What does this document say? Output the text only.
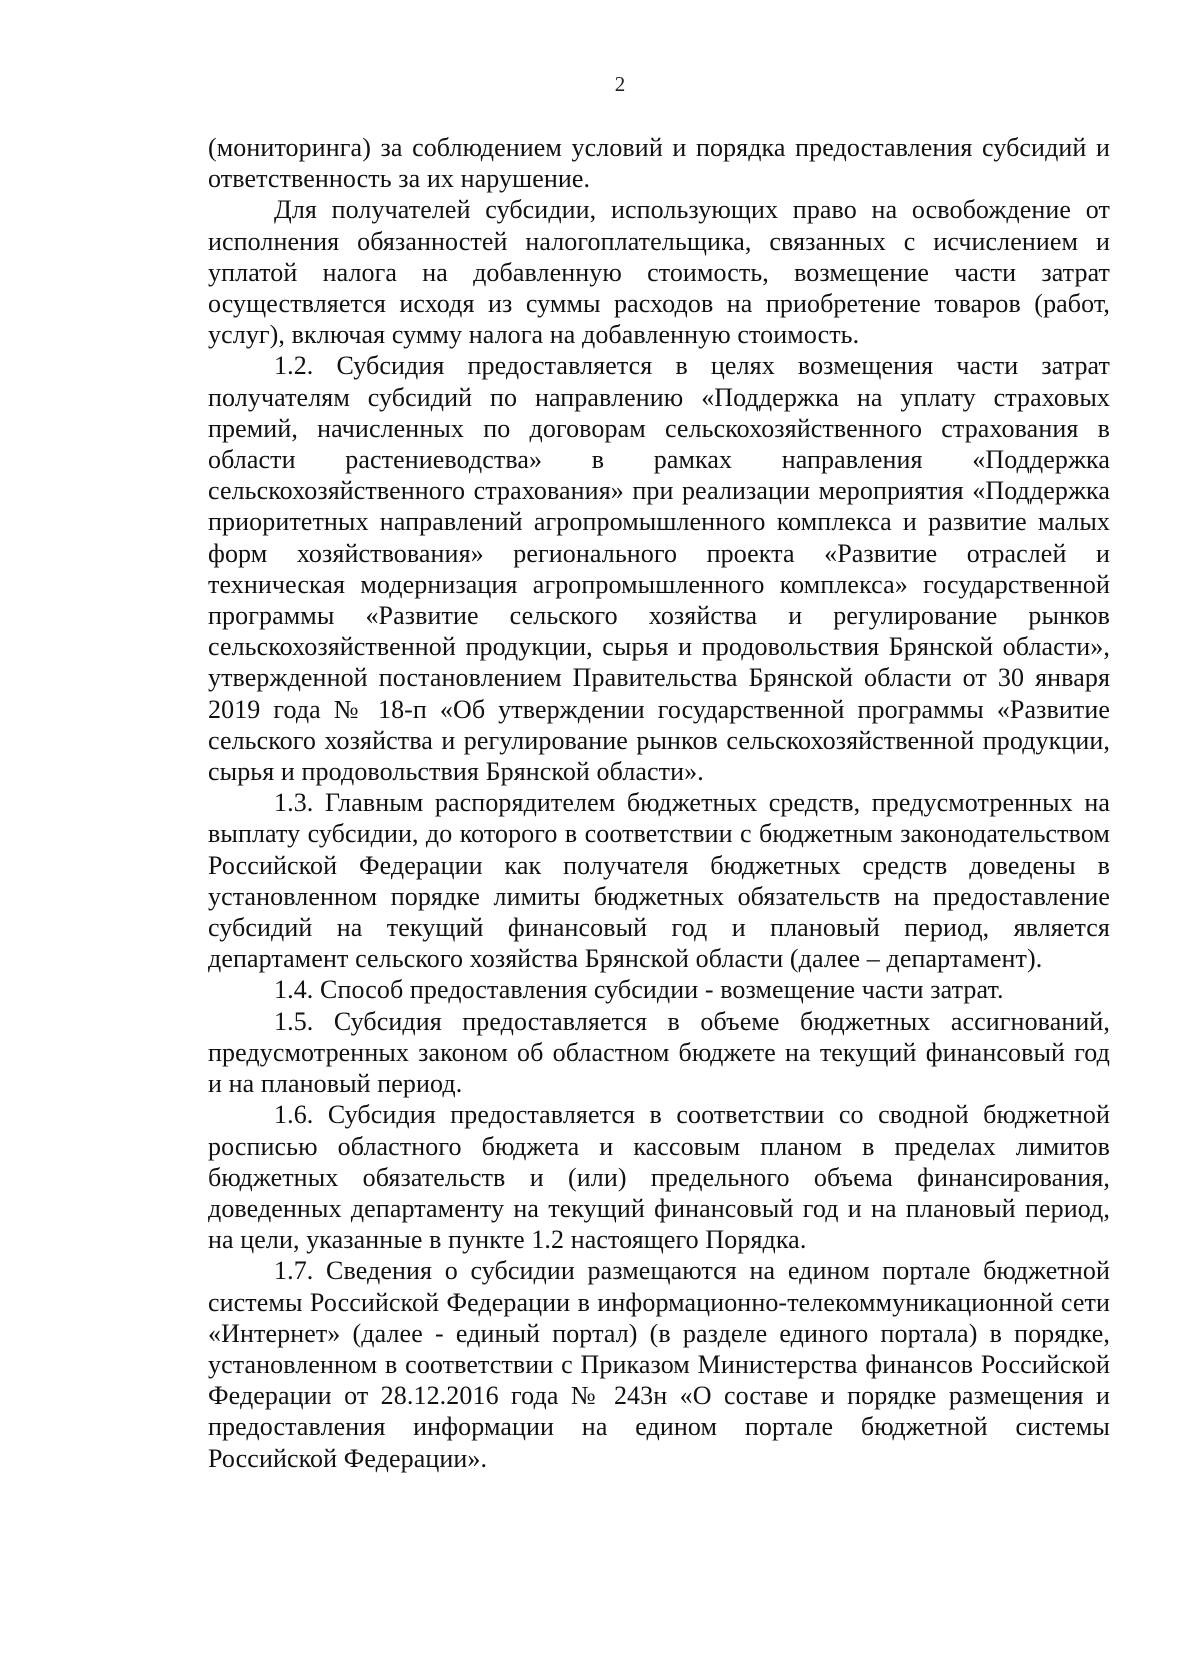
2

(мониторинга) за соблюдением условий и порядка предоставления субсидий и ответственность за их нарушение.

Для получателей субсидии, использующих право на освобождение от исполнения обязанностей налогоплательщика, связанных с исчислением и уплатой налога на добавленную стоимость, возмещение части затрат осуществляется исходя из суммы расходов на приобретение товаров (работ, услуг), включая сумму налога на добавленную стоимость.

1.2. Субсидия предоставляется в целях возмещения части затрат получателям субсидий по направлению «Поддержка на уплату страховых премий, начисленных по договорам сельскохозяйственного страхования в области растениеводства» в рамках направления «Поддержка сельскохозяйственного страхования» при реализации мероприятия «Поддержка приоритетных направлений агропромышленного комплекса и развитие малых форм хозяйствования» регионального проекта «Развитие отраслей и техническая модернизация агропромышленного комплекса» государственной программы «Развитие сельского хозяйства и регулирование рынков сельскохозяйственной продукции, сырья и продовольствия Брянской области», утвержденной постановлением Правительства Брянской области от 30 января 2019 года № 18-п «Об утверждении государственной программы «Развитие сельского хозяйства и регулирование рынков сельскохозяйственной продукции, сырья и продовольствия Брянской области».

1.3. Главным распорядителем бюджетных средств, предусмотренных на выплату субсидии, до которого в соответствии с бюджетным законодательством Российской Федерации как получателя бюджетных средств доведены в установленном порядке лимиты бюджетных обязательств на предоставление субсидий на текущий финансовый год и плановый период, является департамент сельского хозяйства Брянской области (далее – департамент).

1.4. Способ предоставления субсидии - возмещение части затрат.

1.5. Субсидия предоставляется в объеме бюджетных ассигнований, предусмотренных законом об областном бюджете на текущий финансовый год и на плановый период.

1.6. Субсидия предоставляется в соответствии со сводной бюджетной росписью областного бюджета и кассовым планом в пределах лимитов бюджетных обязательств и (или) предельного объема финансирования, доведенных департаменту на текущий финансовый год и на плановый период, на цели, указанные в пункте 1.2 настоящего Порядка.

1.7. Сведения о субсидии размещаются на едином портале бюджетной системы Российской Федерации в информационно-телекоммуникационной сети «Интернет» (далее - единый портал) (в разделе единого портала) в порядке, установленном в соответствии с Приказом Министерства финансов Российской Федерации от 28.12.2016 года № 243н «О составе и порядке размещения и предоставления информации на едином портале бюджетной системы Российской Федерации».
